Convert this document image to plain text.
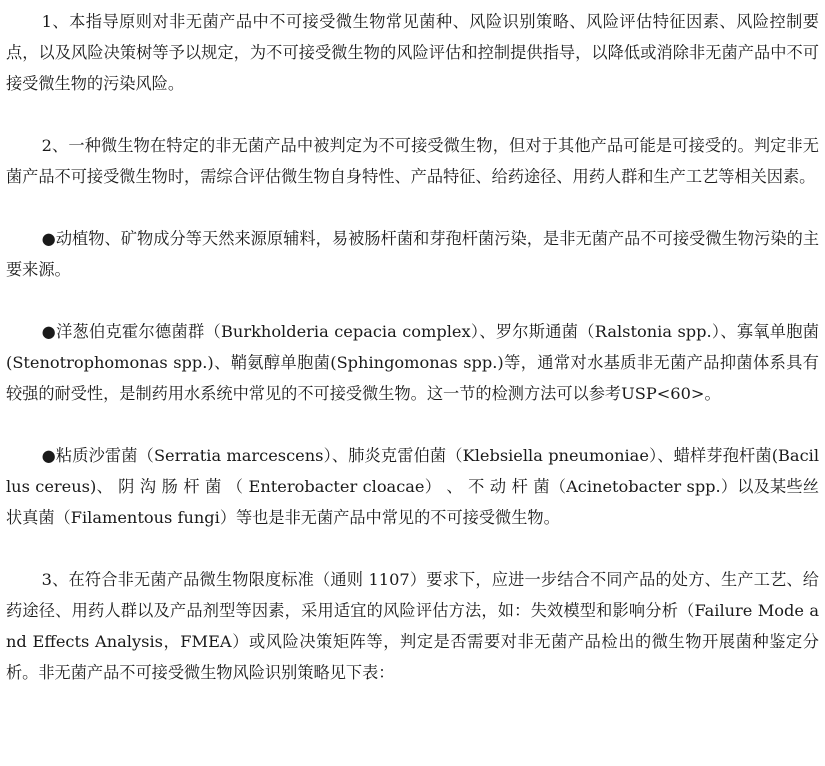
1、本指导原则对非无菌产品中不可接受微生物常见菌种、风险识别策略、风险评估特征因素、风险控制要点，以及风险决策树等予以规定，为不可接受微生物的风险评估和控制提供指导，以降低或消除非无菌产品中不可接受微生物的污染风险。

2、一种微生物在特定的非无菌产品中被判定为不可接受微生物，但对于其他产品可能是可接受的。判定非无菌产品不可接受微生物时，需综合评估微生物自身特性、产品特征、给药途径、用药人群和生产工艺等相关因素。

●动植物、矿物成分等天然来源原辅料，易被肠杆菌和芽孢杆菌污染，是非无菌产品不可接受微生物污染的主要来源。

●洋葱伯克霍尔德菌群（Burkholderia cepacia complex）、罗尔斯通菌（Ralstonia spp.）、寡氧单胞菌(Stenotrophomonas spp.)、鞘氨醇单胞菌(Sphingomonas spp.)等，通常对水基质非无菌产品抑菌体系具有较强的耐受性，是制药用水系统中常见的不可接受微生物。这一节的检测方法可以参考USP<60>。

●粘质沙雷菌（Serratia marcescens）、肺炎克雷伯菌（Klebsiella pneumoniae）、蜡样芽孢杆菌(Bacillus cereus)、 阴 沟 肠 杆 菌 （ Enterobacter cloacae） 、 不 动 杆 菌（Acinetobacter spp.）以及某些丝状真菌（Filamentous fungi）等也是非无菌产品中常见的不可接受微生物。

3、在符合非无菌产品微生物限度标准（通则 1107）要求下，应进一步结合不同产品的处方、生产工艺、给药途径、用药人群以及产品剂型等因素，采用适宜的风险评估方法，如：失效模型和影响分析（Failure Mode and Effects Analysis，FMEA）或风险决策矩阵等，判定是否需要对非无菌产品检出的微生物开展菌种鉴定分析。非无菌产品不可接受微生物风险识别策略见下表：
